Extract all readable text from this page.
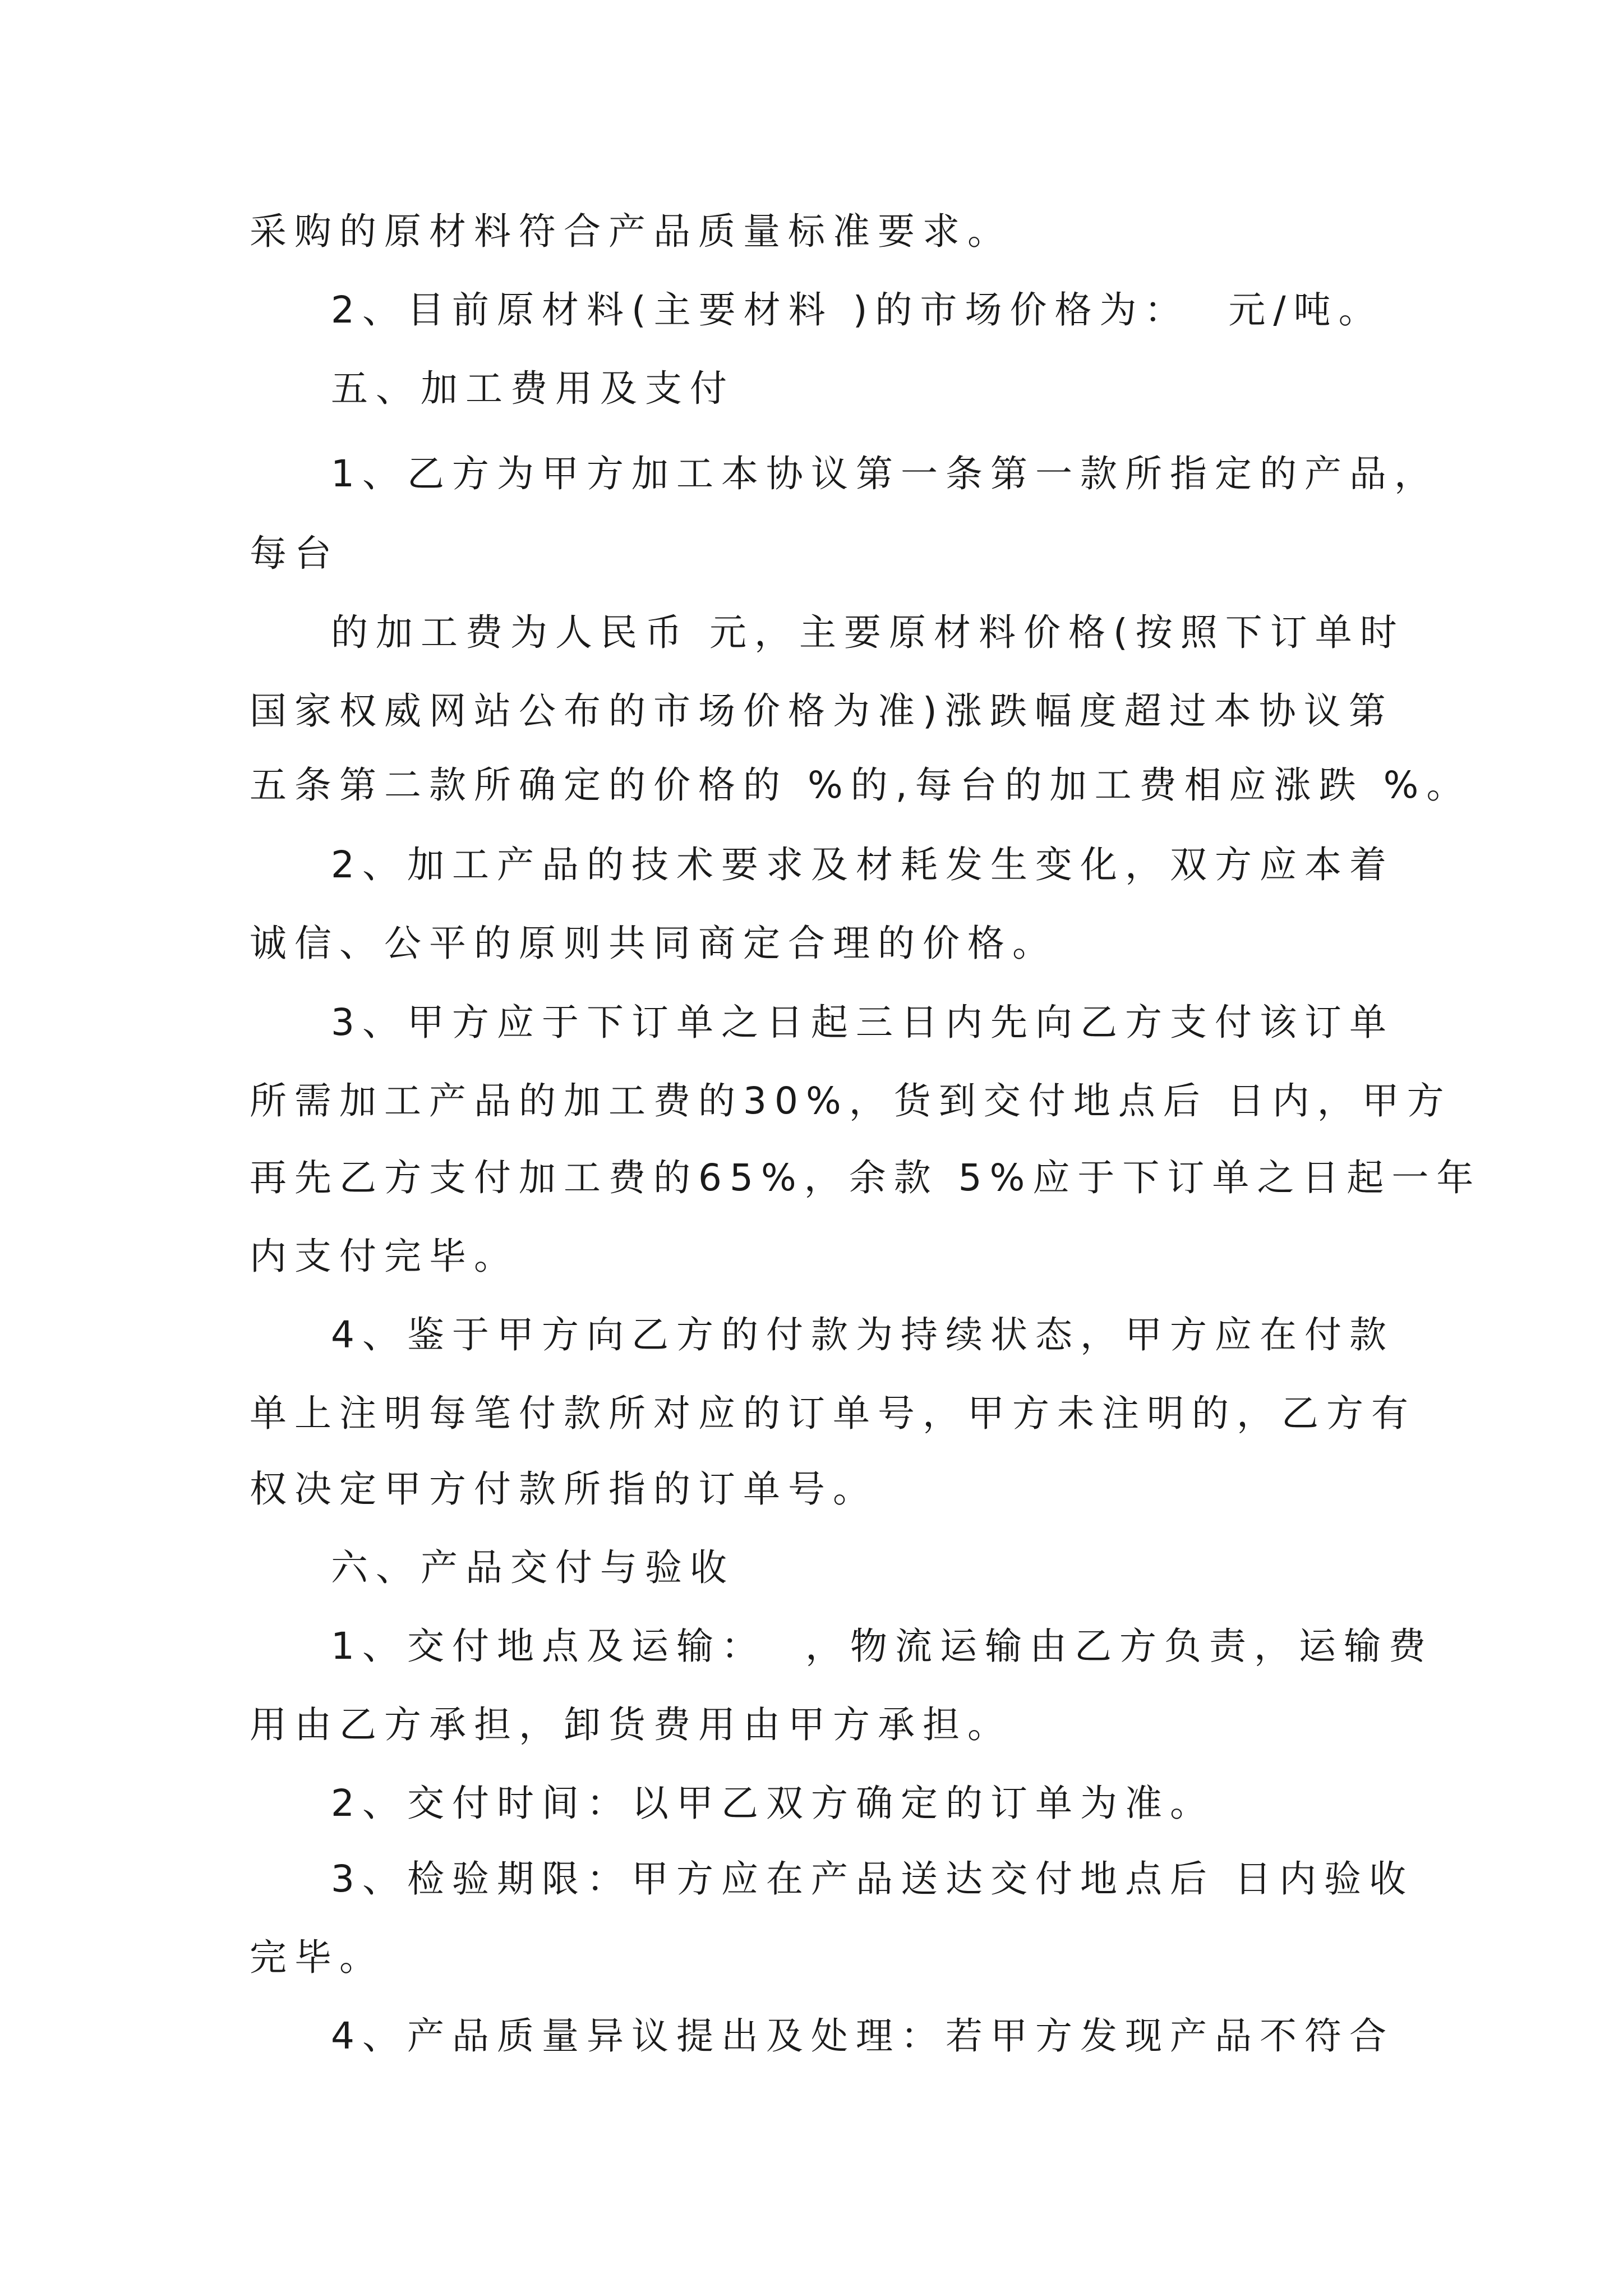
采购的原材料符合产品质量标准要求。

2、目前原材料(主要材料 )的市场价格为：  元/吨。

五、加工费用及支付

1、乙方为甲方加工本协议第一条第一款所指定的产品，

每台

的加工费为人民币 元，主要原材料价格(按照下订单时

国家权威网站公布的市场价格为准)涨跌幅度超过本协议第

五条第二款所确定的价格的 %的,每台的加工费相应涨跌 %。

2、加工产品的技术要求及材耗发生变化，双方应本着

诚信、公平的原则共同商定合理的价格。

3、甲方应于下订单之日起三日内先向乙方支付该订单

所需加工产品的加工费的30%，货到交付地点后 日内，甲方

再先乙方支付加工费的65%，余款 5%应于下订单之日起一年

内支付完毕。

4、鉴于甲方向乙方的付款为持续状态，甲方应在付款

单上注明每笔付款所对应的订单号，甲方未注明的，乙方有

权决定甲方付款所指的订单号。

六、产品交付与验收

1、交付地点及运输：  ，物流运输由乙方负责，运输费

用由乙方承担，卸货费用由甲方承担。

2、交付时间：以甲乙双方确定的订单为准。

3、检验期限：甲方应在产品送达交付地点后 日内验收

完毕。

4、产品质量异议提出及处理：若甲方发现产品不符合
